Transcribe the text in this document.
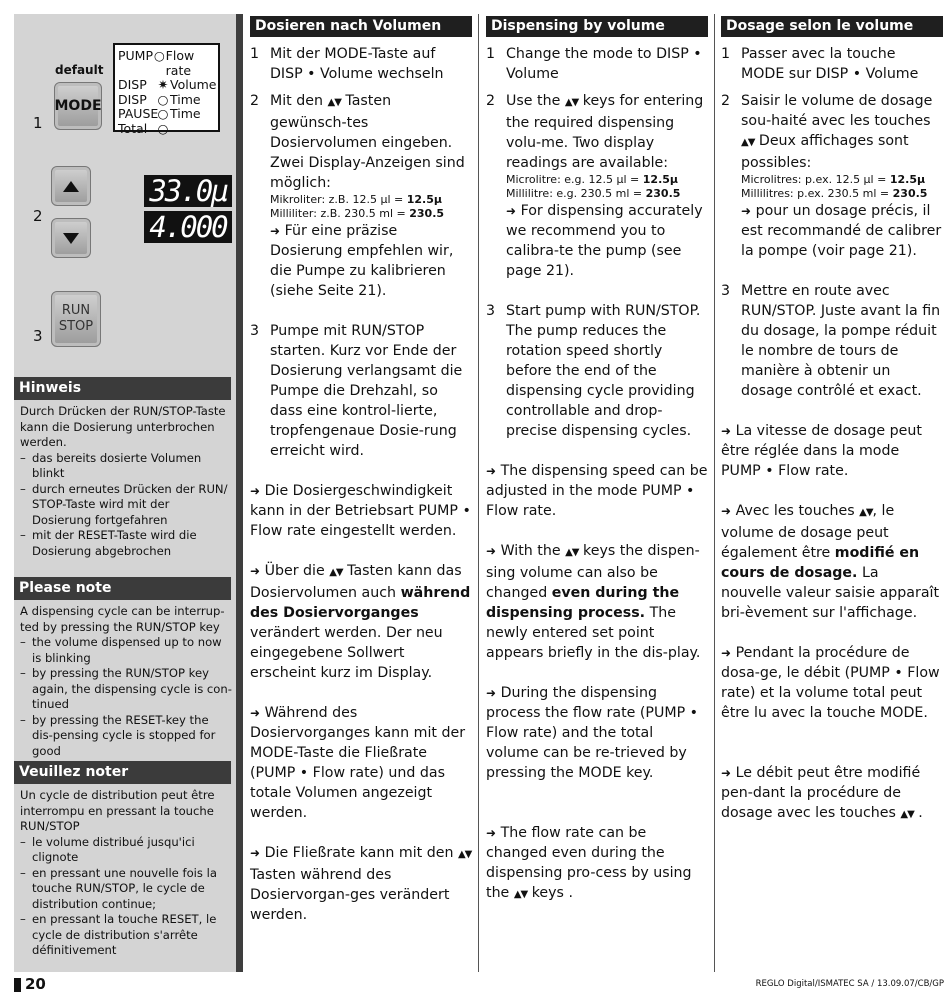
default
1
MODE
PUMP ○ Flow rate
DISP ✷ Volume
DISP ○ Time
PAUSE ○ Time
Total ○
2
33.0μ
4.000
3
RUN
STOP
Hinweis
Durch Drücken der RUN/STOP-Taste kann die Dosierung unterbrochen werden.
– das bereits dosierte Volumen blinkt
– durch erneutes Drücken der RUN/ STOP-Taste wird mit der Dosierung fortgefahren
– mit der RESET-Taste wird die Dosierung abgebrochen
Please note
A dispensing cycle can be interrup-ted by pressing the RUN/STOP key
– the volume dispensed up to now is blinking
– by pressing the RUN/STOP key again, the dispensing cycle is con-tinued
– by pressing the RESET-key the dis-pensing cycle is stopped for good
Veuillez noter
Un cycle de distribution peut être interrompu en pressant la touche RUN/STOP
– le volume distribué jusqu'ici clignote
– en pressant une nouvelle fois la touche RUN/STOP, le cycle de distribution continue;
– en pressant la touche RESET, le cycle de distribution s'arrête définitivement
Dosieren nach Volumen
1 Mit der MODE-Taste auf DISP • Volume wechseln
2 Mit den ▲▼ Tasten gewünsch-tes Dosiervolumen eingeben. Zwei Display-Anzeigen sind möglich:
Mikroliter: z.B. 12.5 µl = 12.5µ
Milliliter: z.B. 230.5 ml = 230.5
➜ Für eine präzise Dosierung empfehlen wir, die Pumpe zu kalibrieren (siehe Seite 21).
3 Pumpe mit RUN/STOP starten. Kurz vor Ende der Dosierung verlangsamt die Pumpe die Drehzahl, so dass eine kontrol-lierte, tropfengenaue Dosie-rung erreicht wird.
➜ Die Dosiergeschwindigkeit kann in der Betriebsart PUMP • Flow rate eingestellt werden.
➜ Über die ▲▼ Tasten kann das Dosiervolumen auch während des Dosiervorganges verändert werden. Der neu eingegebene Sollwert erscheint kurz im Display.
➜ Während des Dosiervorganges kann mit der MODE-Taste die Fließrate (PUMP • Flow rate) und das totale Volumen angezeigt werden.
➜ Die Fließrate kann mit den ▲▼ Tasten während des Dosiervorgan-ges verändert werden.
Dispensing by volume
1 Change the mode to DISP • Volume
2 Use the ▲▼ keys for entering the required dispensing volu-me. Two display readings are available:
Microlitre: e.g. 12.5 µl = 12.5µ
Millilitre: e.g. 230.5 ml = 230.5
➜ For dispensing accurately we recommend you to calibra-te the pump (see page 21).
3 Start pump with RUN/STOP. The pump reduces the rotation speed shortly before the end of the dispensing cycle providing controllable and drop-precise dispensing cycles.
➜ The dispensing speed can be adjusted in the mode PUMP • Flow rate.
➜ With the ▲▼ keys the dispen-sing volume can also be changed even during the dispensing process. The newly entered set point appears briefly in the dis-play.
➜ During the dispensing process the flow rate (PUMP • Flow rate) and the total volume can be re-trieved by pressing the MODE key.
➜ The flow rate can be changed even during the dispensing pro-cess by using the ▲▼ keys .
Dosage selon le volume
1 Passer avec la touche MODE sur DISP • Volume
2 Saisir le volume de dosage sou-haité avec les touches ▲▼ Deux affichages sont possibles:
Microlitres: p.ex. 12.5 µl = 12.5µ
Millilitres: p.ex. 230.5 ml = 230.5
➜ pour un dosage précis, il est recommandé de calibrer la pompe (voir page 21).
3 Mettre en route avec RUN/STOP. Juste avant la fin du dosage, la pompe réduit le nombre de tours de manière à obtenir un dosage contrôlé et exact.
➜ La vitesse de dosage peut être réglée dans la mode PUMP • Flow rate.
➜ Avec les touches ▲▼, le volume de dosage peut également être modifié en cours de dosage. La nouvelle valeur saisie apparaît bri-èvement sur l'affichage.
➜ Pendant la procédure de dosa-ge, le débit (PUMP • Flow rate) et la volume total peut être lu avec la touche MODE.
➜ Le débit peut être modifié pen-dant la procédure de dosage avec les touches ▲▼ .
20	REGLO Digital/ISMATEC SA / 13.09.07/CB/GP
